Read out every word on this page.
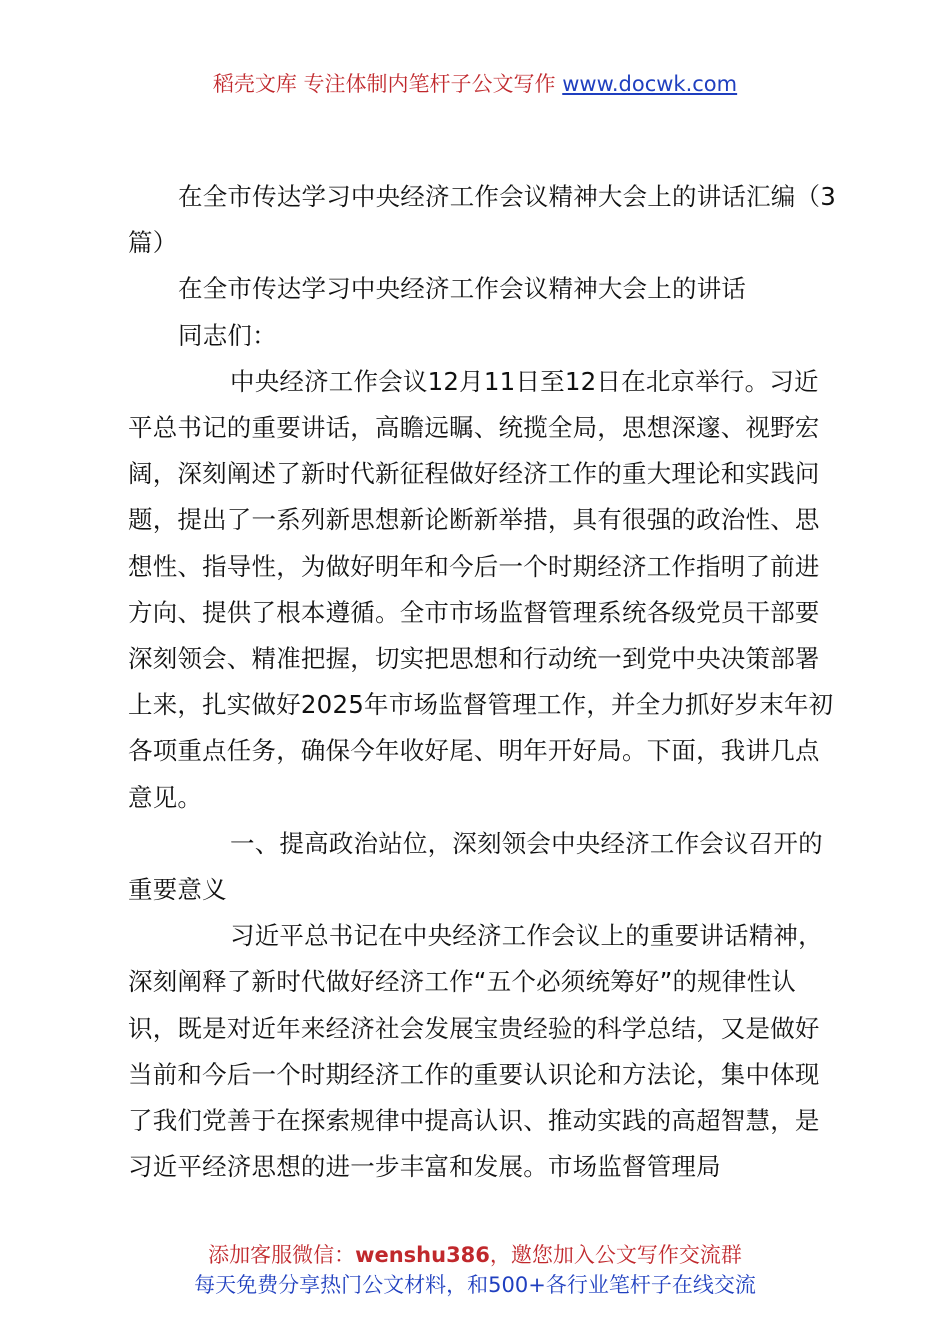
稻壳文库 专注体制内笔杆子公文写作 www.docwk.com

在全市传达学习中央经济工作会议精神大会上的讲话汇编（3篇）

在全市传达学习中央经济工作会议精神大会上的讲话

同志们：

中央经济工作会议12月11日至12日在北京举行。习近平总书记的重要讲话，高瞻远瞩、统揽全局，思想深邃、视野宏阔，深刻阐述了新时代新征程做好经济工作的重大理论和实践问题，提出了一系列新思想新论断新举措，具有很强的政治性、思想性、指导性，为做好明年和今后一个时期经济工作指明了前进方向、提供了根本遵循。全市市场监督管理系统各级党员干部要深刻领会、精准把握，切实把思想和行动统一到党中央决策部署上来，扎实做好2025年市场监督管理工作，并全力抓好岁末年初各项重点任务，确保今年收好尾、明年开好局。下面，我讲几点意见。

一、提高政治站位，深刻领会中央经济工作会议召开的重要意义

习近平总书记在中央经济工作会议上的重要讲话精神，深刻阐释了新时代做好经济工作“五个必须统筹好”的规律性认识，既是对近年来经济社会发展宝贵经验的科学总结，又是做好当前和今后一个时期经济工作的重要认识论和方法论，集中体现了我们党善于在探索规律中提高认识、推动实践的高超智慧，是习近平经济思想的进一步丰富和发展。市场监督管理局

添加客服微信：wenshu386，邀您加入公文写作交流群
每天免费分享热门公文材料，和500+各行业笔杆子在线交流
